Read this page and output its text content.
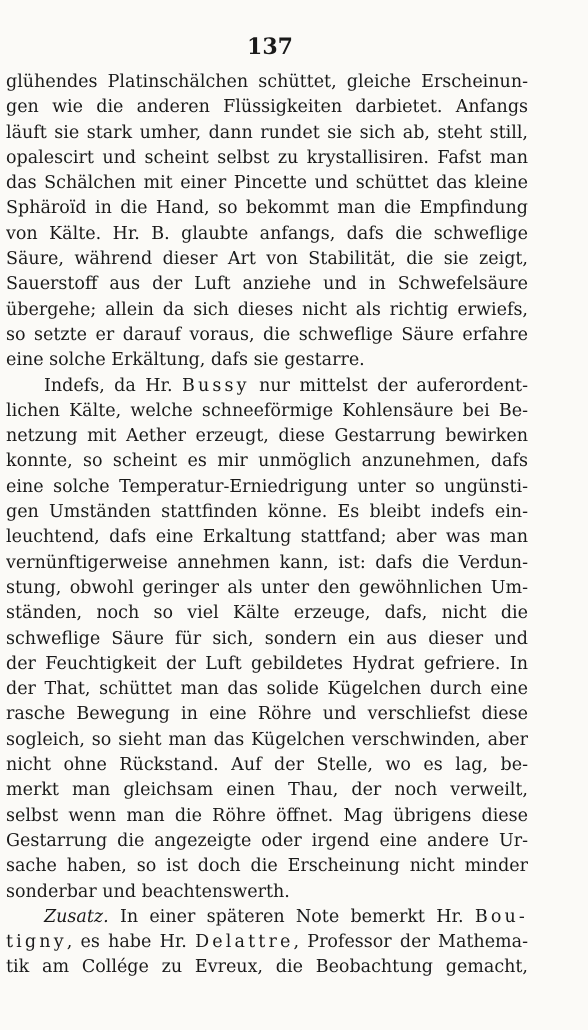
137
glühendes Platinschälchen schüttet, gleiche Erscheinun-
gen wie die anderen Flüssigkeiten darbietet. Anfangs
läuft sie stark umher, dann rundet sie sich ab, steht still,
opalescirt und scheint selbst zu krystallisiren. Fafst man
das Schälchen mit einer Pincette und schüttet das kleine
Sphäroïd in die Hand, so bekommt man die Empfindung
von Kälte. Hr. B. glaubte anfangs, dafs die schweflige
Säure, während dieser Art von Stabilität, die sie zeigt,
Sauerstoff aus der Luft anziehe und in Schwefelsäure
übergehe; allein da sich dieses nicht als richtig erwiefs,
so setzte er darauf voraus, die schweflige Säure erfahre
eine solche Erkältung, dafs sie gestarre.
Indefs, da Hr. Bussy nur mittelst der auferordent-
lichen Kälte, welche schneeförmige Kohlensäure bei Be-
netzung mit Aether erzeugt, diese Gestarrung bewirken
konnte, so scheint es mir unmöglich anzunehmen, dafs
eine solche Temperatur-Erniedrigung unter so ungünsti-
gen Umständen stattfinden könne. Es bleibt indefs ein-
leuchtend, dafs eine Erkaltung stattfand; aber was man
vernünftigerweise annehmen kann, ist: dafs die Verdun-
stung, obwohl geringer als unter den gewöhnlichen Um-
ständen, noch so viel Kälte erzeuge, dafs, nicht die
schweflige Säure für sich, sondern ein aus dieser und
der Feuchtigkeit der Luft gebildetes Hydrat gefriere. In
der That, schüttet man das solide Kügelchen durch eine
rasche Bewegung in eine Röhre und verschliefst diese
sogleich, so sieht man das Kügelchen verschwinden, aber
nicht ohne Rückstand. Auf der Stelle, wo es lag, be-
merkt man gleichsam einen Thau, der noch verweilt,
selbst wenn man die Röhre öffnet. Mag übrigens diese
Gestarrung die angezeigte oder irgend eine andere Ur-
sache haben, so ist doch die Erscheinung nicht minder
sonderbar und beachtenswerth.
Zusatz. In einer späteren Note bemerkt Hr. Bou-
tigny, es habe Hr. Delattre, Professor der Mathema-
tik am Collége zu Evreux, die Beobachtung gemacht,
